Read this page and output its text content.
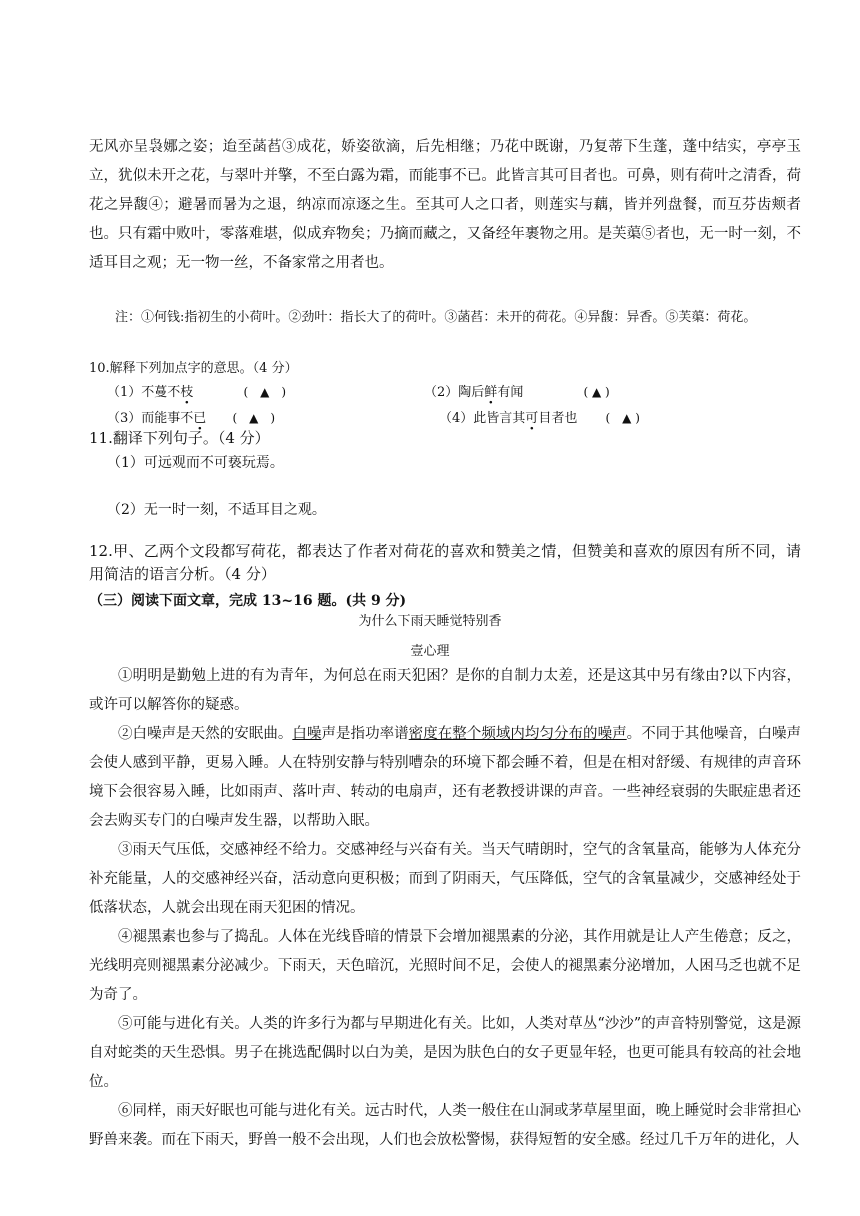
无风亦呈袅娜之姿；迨至菡萏③成花，娇姿欲滴，后先相继；乃花中既谢，乃复蒂下生蓬，蓬中结实，亭亭玉立，犹似未开之花，与翠叶并擎，不至白露为霜，而能事不已。此皆言其可目者也。可鼻，则有荷叶之清香，荷花之异馥④；避暑而暑为之退，纳凉而凉逐之生。至其可人之口者，则莲实与藕，皆并列盘餐，而互芬齿颊者也。只有霜中败叶，零落难堪，似成弃物矣；乃摘而藏之，又备经年裹物之用。是芙蕖⑤者也，无一时一刻，不适耳目之观；无一物一丝，不备家常之用者也。

注：①何钱:指初生的小荷叶。②劲叶：指长大了的荷叶。③菡萏：未开的荷花。④异馥：异香。⑤芙蕖：荷花。

10.解释下列加点字的意思。（4 分）
（1）不蔓不枝	(　▲　)	（2）陶后鲜有闻	( ▲ )
（3）而能事不已 (　▲　)	（4）此皆言其可目者也 (　▲ )
11.翻译下列句子。（4 分）
（1）可远观而不可亵玩焉。
（2）无一时一刻，不适耳目之观。

12.甲、乙两个文段都写荷花，都表达了作者对荷花的喜欢和赞美之情，但赞美和喜欢的原因有所不同，请用简洁的语言分析。（4 分）

（三）阅读下面文章，完成 13~16 题。(共 9 分)
为什么下雨天睡觉特别香
壹心理

①明明是勤勉上进的有为青年，为何总在雨天犯困？是你的自制力太差，还是这其中另有缘由?以下内容，或许可以解答你的疑惑。

②白噪声是天然的安眠曲。白噪声是指功率谱密度在整个频域内均匀分布的噪声。不同于其他噪音，白噪声会使人感到平静，更易入睡。人在特别安静与特别嘈杂的环境下都会睡不着，但是在相对舒缓、有规律的声音环境下会很容易入睡，比如雨声、落叶声、转动的电扇声，还有老教授讲课的声音。一些神经衰弱的失眠症患者还会去购买专门的白噪声发生器，以帮助入眠。

③雨天气压低，交感神经不给力。交感神经与兴奋有关。当天气晴朗时，空气的含氧量高，能够为人体充分补充能量，人的交感神经兴奋，活动意向更积极；而到了阴雨天，气压降低，空气的含氧量减少，交感神经处于低落状态，人就会出现在雨天犯困的情况。

④褪黑素也参与了捣乱。人体在光线昏暗的情景下会增加褪黑素的分泌，其作用就是让人产生倦意；反之，光线明亮则褪黑素分泌减少。下雨天，天色暗沉，光照时间不足，会使人的褪黑素分泌增加，人困马乏也就不足为奇了。

⑤可能与进化有关。人类的许多行为都与早期进化有关。比如，人类对草丛“沙沙”的声音特别警觉，这是源自对蛇类的天生恐惧。男子在挑选配偶时以白为美，是因为肤色白的女子更显年轻，也更可能具有较高的社会地位。

⑥同样，雨天好眠也可能与进化有关。远古时代，人类一般住在山洞或茅草屋里面，晚上睡觉时会非常担心野兽来袭。而在下雨天，野兽一般不会出现，人们也会放松警惕，获得短暂的安全感。经过几千万年的进化，人
